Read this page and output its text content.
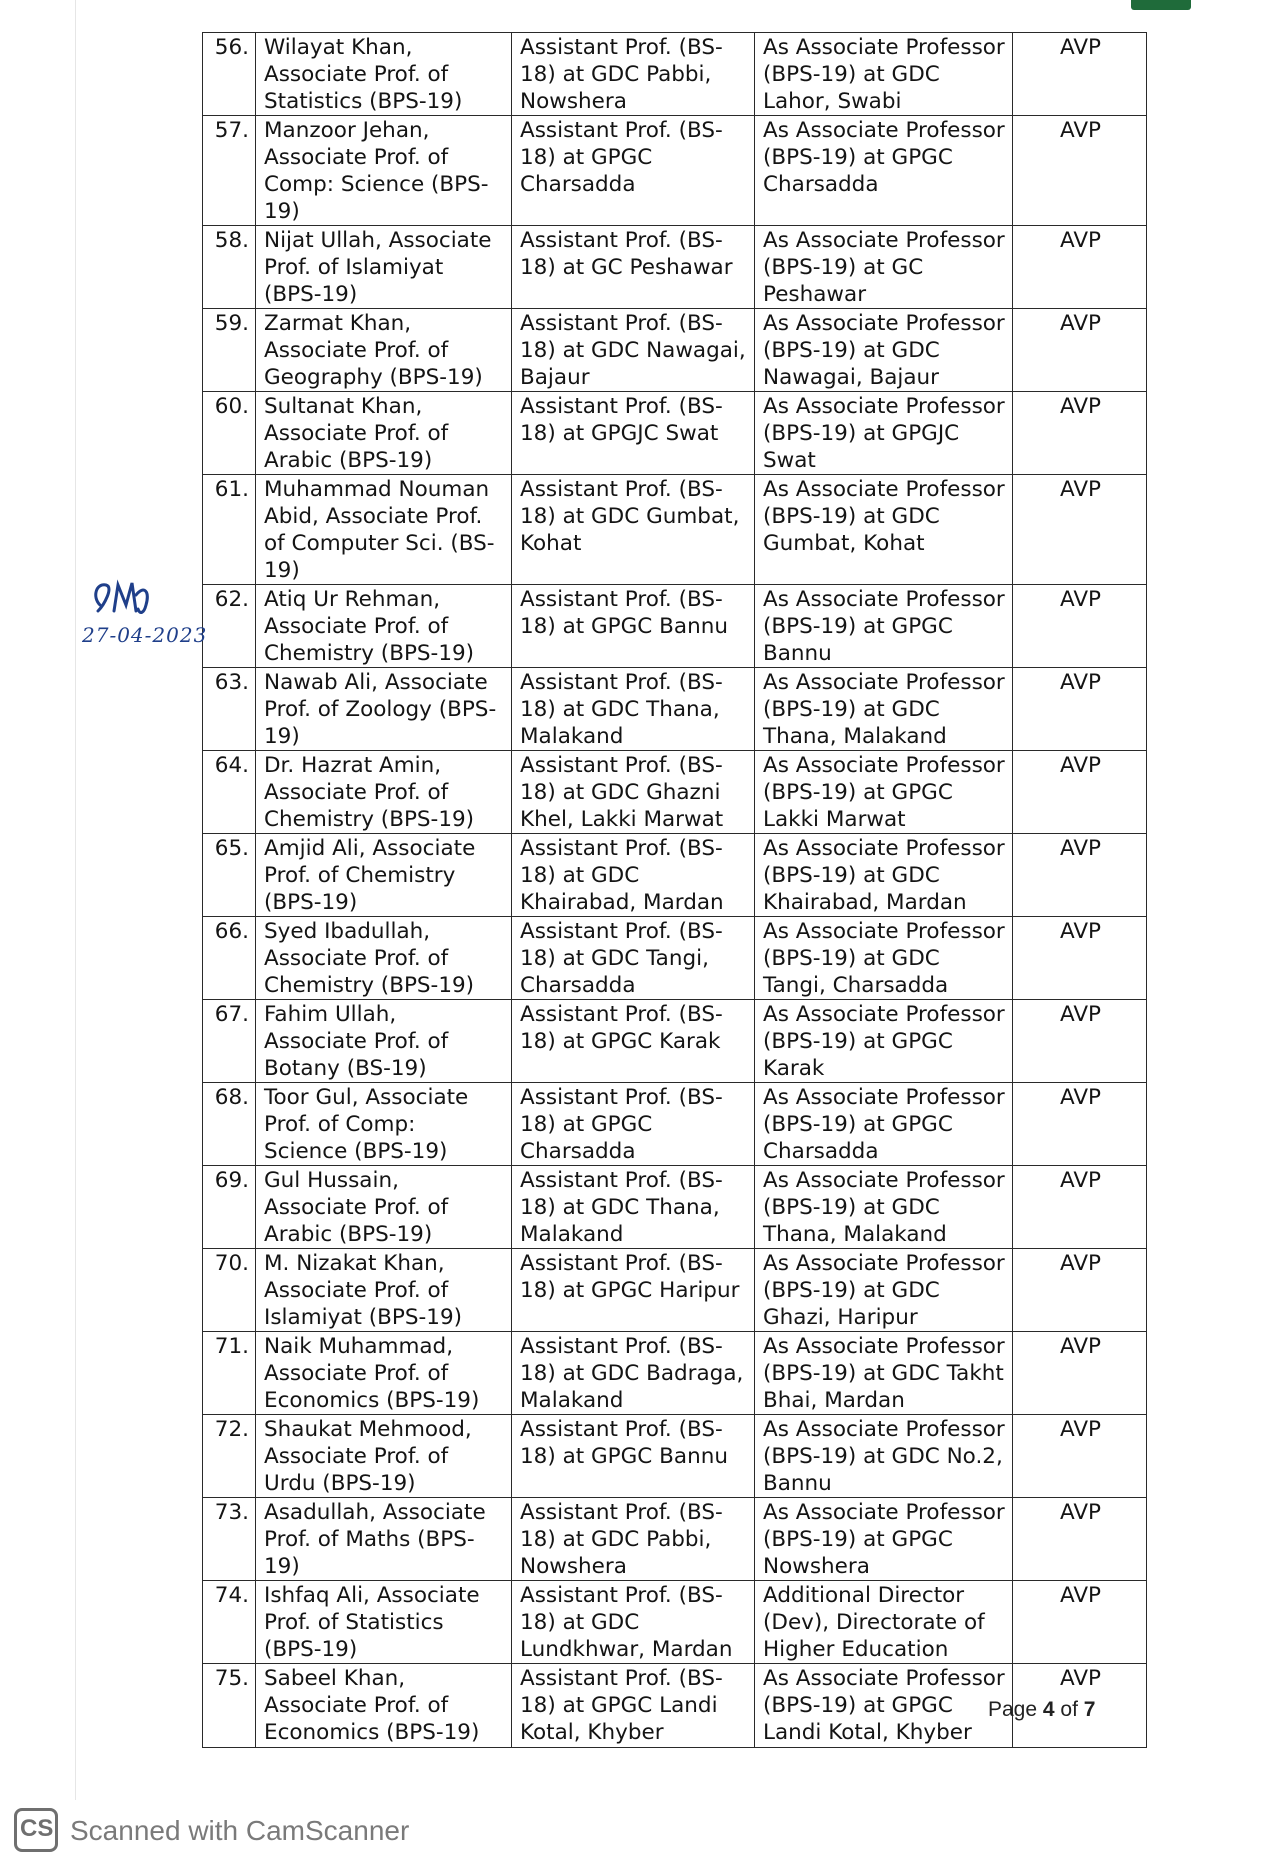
56.	Wilayat Khan, Associate Prof. of Statistics (BPS-19)	Assistant Prof. (BS-18) at GDC Pabbi, Nowshera	As Associate Professor (BPS-19) at GDC Lahor, Swabi	AVP
57.	Manzoor Jehan, Associate Prof. of Comp: Science (BPS-19)	Assistant Prof. (BS-18) at GPGC Charsadda	As Associate Professor (BPS-19) at GPGC Charsadda	AVP
58.	Nijat Ullah, Associate Prof. of Islamiyat (BPS-19)	Assistant Prof. (BS-18) at GC Peshawar	As Associate Professor (BPS-19) at GC Peshawar	AVP
59.	Zarmat Khan, Associate Prof. of Geography (BPS-19)	Assistant Prof. (BS-18) at GDC Nawagai, Bajaur	As Associate Professor (BPS-19) at GDC Nawagai, Bajaur	AVP
60.	Sultanat Khan, Associate Prof. of Arabic (BPS-19)	Assistant Prof. (BS-18) at GPGJC Swat	As Associate Professor (BPS-19) at GPGJC Swat	AVP
61.	Muhammad Nouman Abid, Associate Prof. of Computer Sci. (BS-19)	Assistant Prof. (BS-18) at GDC Gumbat, Kohat	As Associate Professor (BPS-19) at GDC Gumbat, Kohat	AVP
62.	Atiq Ur Rehman, Associate Prof. of Chemistry (BPS-19)	Assistant Prof. (BS-18) at GPGC Bannu	As Associate Professor (BPS-19) at GPGC Bannu	AVP
63.	Nawab Ali, Associate Prof. of Zoology (BPS-19)	Assistant Prof. (BS-18) at GDC Thana, Malakand	As Associate Professor (BPS-19) at GDC Thana, Malakand	AVP
64.	Dr. Hazrat Amin, Associate Prof. of Chemistry (BPS-19)	Assistant Prof. (BS-18) at GDC Ghazni Khel, Lakki Marwat	As Associate Professor (BPS-19) at GPGC Lakki Marwat	AVP
65.	Amjid Ali, Associate Prof. of Chemistry (BPS-19)	Assistant Prof. (BS-18) at GDC Khairabad, Mardan	As Associate Professor (BPS-19) at GDC Khairabad, Mardan	AVP
66.	Syed Ibadullah, Associate Prof. of Chemistry (BPS-19)	Assistant Prof. (BS-18) at GDC Tangi, Charsadda	As Associate Professor (BPS-19) at GDC Tangi, Charsadda	AVP
67.	Fahim Ullah, Associate Prof. of Botany (BS-19)	Assistant Prof. (BS-18) at GPGC Karak	As Associate Professor (BPS-19) at GPGC Karak	AVP
68.	Toor Gul, Associate Prof. of Comp: Science (BPS-19)	Assistant Prof. (BS-18) at GPGC Charsadda	As Associate Professor (BPS-19) at GPGC Charsadda	AVP
69.	Gul Hussain, Associate Prof. of Arabic (BPS-19)	Assistant Prof. (BS-18) at GDC Thana, Malakand	As Associate Professor (BPS-19) at GDC Thana, Malakand	AVP
70.	M. Nizakat Khan, Associate Prof. of Islamiyat (BPS-19)	Assistant Prof. (BS-18) at GPGC Haripur	As Associate Professor (BPS-19) at GDC Ghazi, Haripur	AVP
71.	Naik Muhammad, Associate Prof. of Economics (BPS-19)	Assistant Prof. (BS-18) at GDC Badraga, Malakand	As Associate Professor (BPS-19) at GDC Takht Bhai, Mardan	AVP
72.	Shaukat Mehmood, Associate Prof. of Urdu (BPS-19)	Assistant Prof. (BS-18) at GPGC Bannu	As Associate Professor (BPS-19) at GDC No.2, Bannu	AVP
73.	Asadullah, Associate Prof. of Maths (BPS-19)	Assistant Prof. (BS-18) at GDC Pabbi, Nowshera	As Associate Professor (BPS-19) at GPGC Nowshera	AVP
74.	Ishfaq Ali, Associate Prof. of Statistics (BPS-19)	Assistant Prof. (BS-18) at GDC Lundkhwar, Mardan	Additional Director (Dev), Directorate of Higher Education	AVP
75.	Sabeel Khan, Associate Prof. of Economics (BPS-19)	Assistant Prof. (BS-18) at GPGC Landi Kotal, Khyber	As Associate Professor (BPS-19) at GPGC Landi Kotal, Khyber	AVP
27-04-2023
Page 4 of 7
CS Scanned with CamScanner
